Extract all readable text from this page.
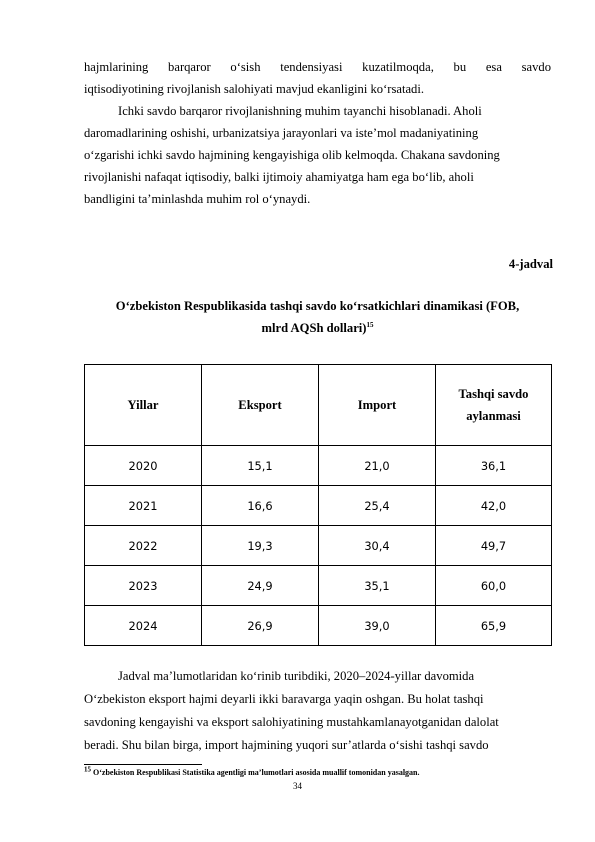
hajmlarining barqaror o‘sish tendensiyasi kuzatilmoqda, bu esa savdo
iqtisodiyotining rivojlanish salohiyati mavjud ekanligini ko‘rsatadi.
Ichki savdo barqaror rivojlanishning muhim tayanchi hisoblanadi. Aholi
daromadlarining oshishi, urbanizatsiya jarayonlari va iste’mol madaniyatining
o‘zgarishi ichki savdo hajmining kengayishiga olib kelmoqda. Chakana savdoning
rivojlanishi nafaqat iqtisodiy, balki ijtimoiy ahamiyatga ham ega bo‘lib, aholi
bandligini ta’minlashda muhim rol o‘ynaydi.
4-jadval
O‘zbekiston Respublikasida tashqi savdo ko‘rsatkichlari dinamikasi (FOB,
mlrd AQSh dollari)$^{15}$
Yillar	Eksport	Import	Tashqi savdo
aylanmasi
2020	15,1	21,0	36,1
2021	16,6	25,4	42,0
2022	19,3	30,4	49,7
2023	24,9	35,1	60,0
2024	26,9	39,0	65,9
Jadval ma’lumotlaridan ko‘rinib turibdiki, 2020–2024-yillar davomida
O‘zbekiston eksport hajmi deyarli ikki baravarga yaqin oshgan. Bu holat tashqi
savdoning kengayishi va eksport salohiyatining mustahkamlanayotganidan dalolat
beradi. Shu bilan birga, import hajmining yuqori sur’atlarda o‘sishi tashqi savdo
15 O‘zbekiston Respublikasi Statistika agentligi ma’lumotlari asosida muallif tomonidan yasalgan.
34
